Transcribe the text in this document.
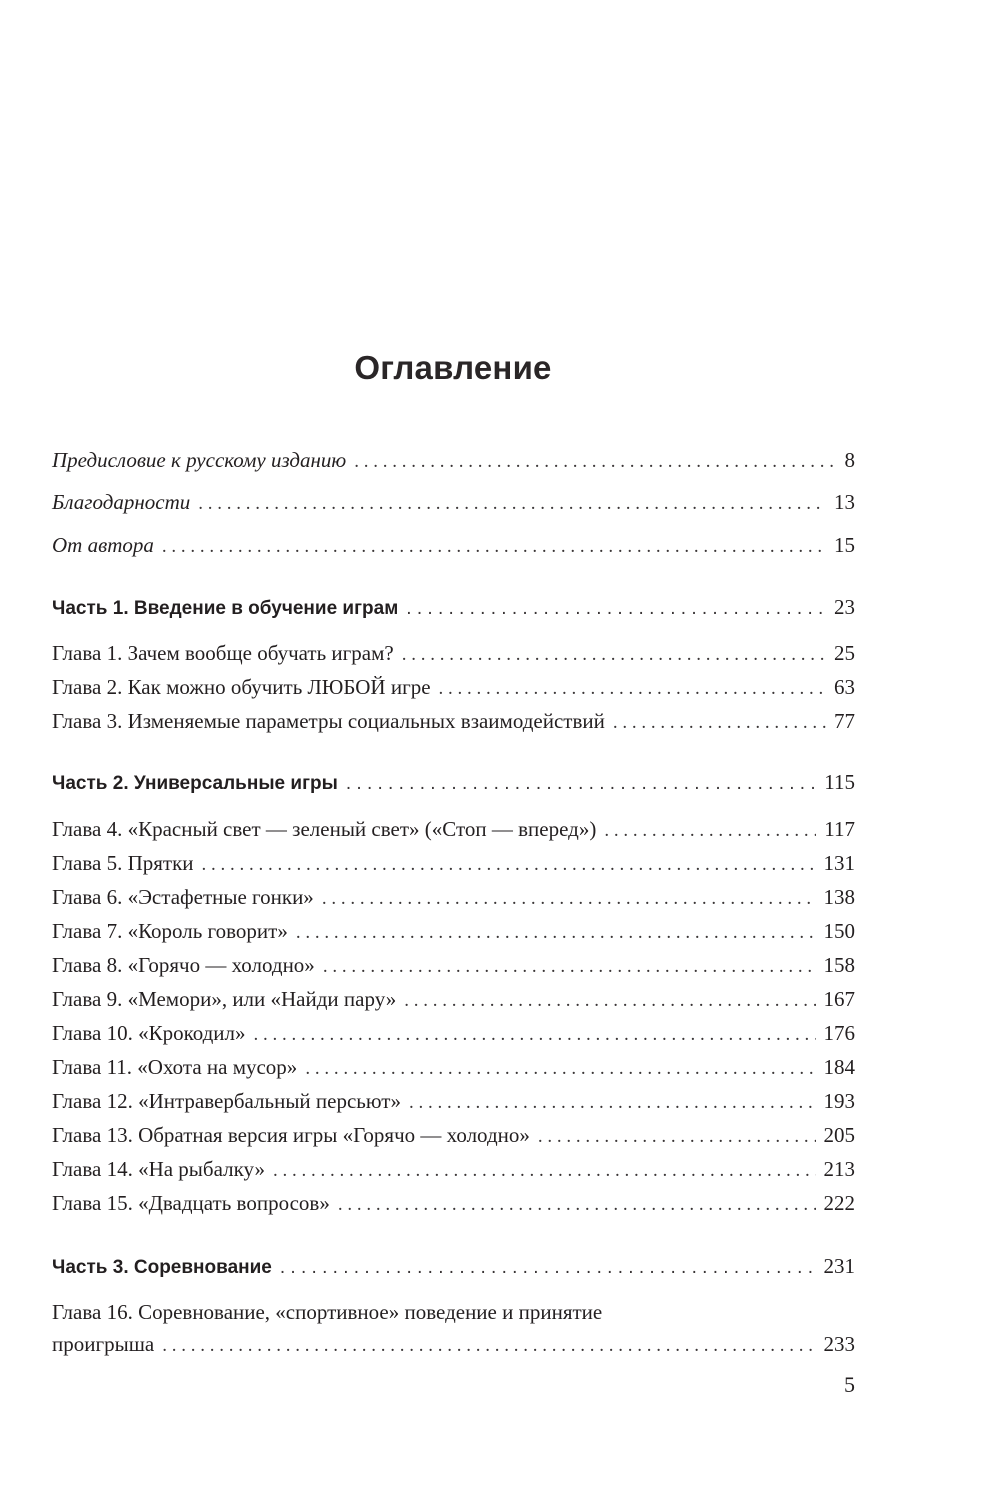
Оглавление
Предисловие к русскому изданию . . .	8
Благодарности . . .	13
От автора . . .	15
Часть 1. Введение в обучение играм . . .	23
Глава 1. Зачем вообще обучать играм? . . .	25
Глава 2. Как можно обучить ЛЮБОЙ игре . . .	63
Глава 3. Изменяемые параметры социальных взаимодействий . . .	77
Часть 2. Универсальные игры . . .	115
Глава 4. «Красный свет — зеленый свет» («Стоп — вперед») . . .	117
Глава 5. Прятки . . .	131
Глава 6. «Эстафетные гонки» . . .	138
Глава 7. «Король говорит» . . .	150
Глава 8. «Горячо — холодно» . . .	158
Глава 9. «Мемори», или «Найди пару» . . .	167
Глава 10. «Крокодил» . . .	176
Глава 11. «Охота на мусор» . . .	184
Глава 12. «Интравербальный персьют» . . .	193
Глава 13. Обратная версия игры «Горячо — холодно» . . .	205
Глава 14. «На рыбалку» . . .	213
Глава 15. «Двадцать вопросов» . . .	222
Часть 3. Соревнование . . .	231
Глава 16. Соревнование, «спортивное» поведение и принятие
проигрыша . . .	233
5
